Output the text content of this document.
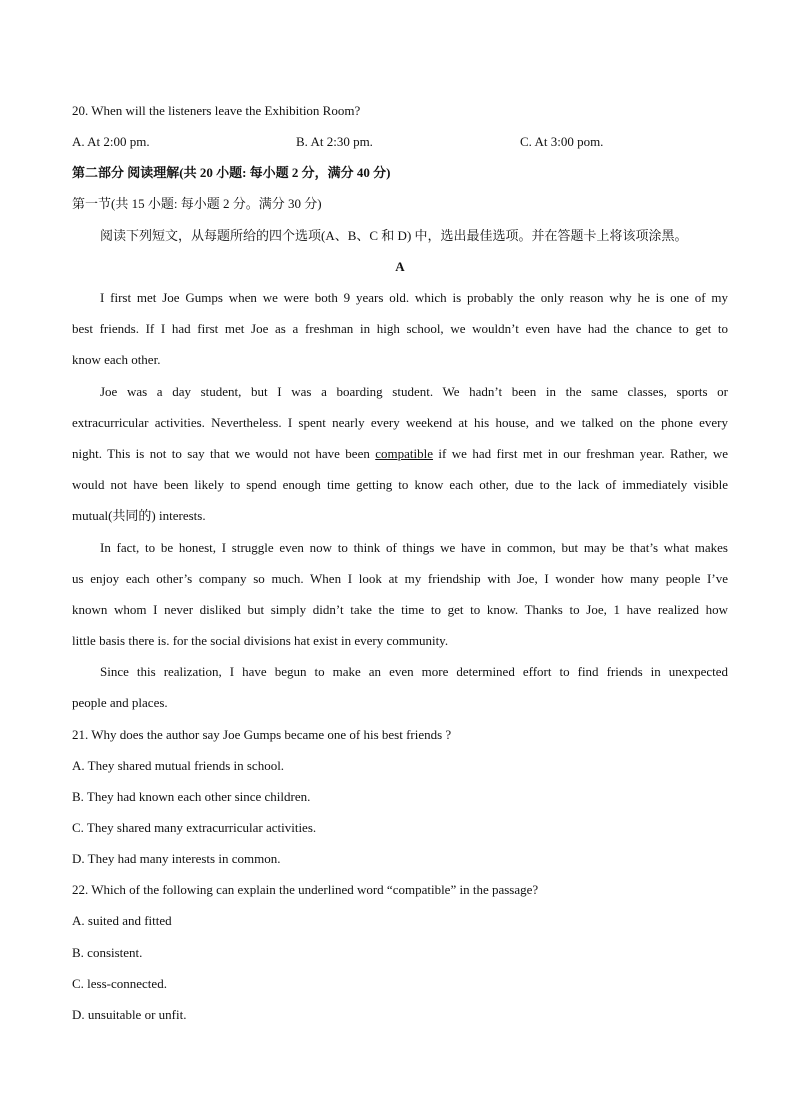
20. When will the listeners leave the Exhibition Room?
A. At 2:00 pm.	B. At 2:30 pm.	C. At 3:00 pom.
第二部分 阅读理解(共 20 小题: 每小题 2 分，满分 40 分)
第一节(共 15 小题: 每小题 2 分。满分 30 分)
阅读下列短文，从每题所给的四个选项(A、B、C 和 D) 中，选出最佳选项。并在答题卡上将该项涂黑。
A
I first met Joe Gumps when we were both 9 years old. which is probably the only reason why he is one of my
best friends. If I had first met Joe as a freshman in high school, we wouldn’t even have had the chance to get to
know each other.
Joe was a day student, but I was a boarding student. We hadn’t been in the same classes, sports or
extracurricular activities. Nevertheless. I spent nearly every weekend at his house, and we talked on the phone every
night. This is not to say that we would not have been compatible if we had first met in our freshman year. Rather, we
would not have been likely to spend enough time getting to know each other, due to the lack of immediately visible
mutual(共同的) interests.
In fact, to be honest, I struggle even now to think of things we have in common, but may be that’s what makes
us enjoy each other’s company so much. When I look at my friendship with Joe, I wonder how many people I’ve
known whom I never disliked but simply didn’t take the time to get to know. Thanks to Joe, 1 have realized how
little basis there is. for the social divisions hat exist in every community.
Since this realization, I have begun to make an even more determined effort to find friends in unexpected
people and places.
21. Why does the author say Joe Gumps became one of his best friends ?
A. They shared mutual friends in school.
B. They had known each other since children.
C. They shared many extracurricular activities.
D. They had many interests in common.
22. Which of the following can explain the underlined word “compatible” in the passage?
A. suited and fitted
B. consistent.
C. less-connected.
D. unsuitable or unfit.
